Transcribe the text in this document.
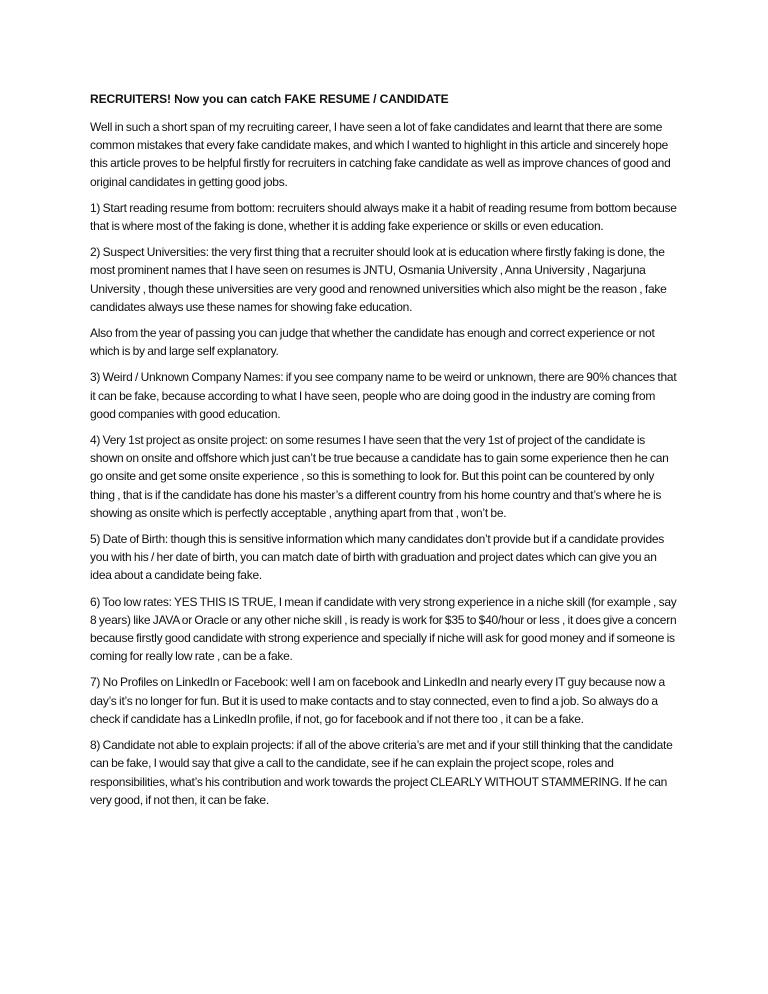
RECRUITERS! Now you can catch FAKE RESUME / CANDIDATE

Well in such a short span of my recruiting career, I have seen a lot of fake candidates and learnt that there are some common mistakes that every fake candidate makes, and which I wanted to highlight in this article and sincerely hope this article proves to be helpful firstly for recruiters in catching fake candidate as well as improve chances of good and original candidates in getting good jobs.

1) Start reading resume from bottom: recruiters should always make it a habit of reading resume from bottom because that is where most of the faking is done, whether it is adding fake experience or skills or even education.

2) Suspect Universities: the very first thing that a recruiter should look at is education where firstly faking is done, the most prominent names that I have seen on resumes is JNTU, Osmania University , Anna University , Nagarjuna University , though these universities are very good and renowned universities which also might be the reason , fake candidates always use these names for showing fake education.

Also from the year of passing you can judge that whether the candidate has enough and correct experience or not which is by and large self explanatory.

3) Weird / Unknown Company Names: if you see company name to be weird or unknown, there are 90% chances that it can be fake, because according to what I have seen, people who are doing good in the industry are coming from good companies with good education.

4) Very 1st project as onsite project: on some resumes I have seen that the very 1st of project of the candidate is shown on onsite and offshore which just can’t be true because a candidate has to gain some experience then he can go onsite and get some onsite experience , so this is something to look for. But this point can be countered by only thing , that is if the candidate has done his master’s a different country from his home country and that’s where he is showing as onsite which is perfectly acceptable , anything apart from that , won’t be.

5) Date of Birth: though this is sensitive information which many candidates don’t provide but if a candidate provides you with his / her date of birth, you can match date of birth with graduation and project dates which can give you an idea about a candidate being fake.

6) Too low rates: YES THIS IS TRUE, I mean if candidate with very strong experience in a niche skill (for example , say 8 years) like JAVA or Oracle or any other niche skill , is ready is work for $35 to $40/hour or less , it does give a concern because firstly good candidate with strong experience and specially if niche will ask for good money and if someone is coming for really low rate , can be a fake.

7) No Profiles on LinkedIn or Facebook: well I am on facebook and LinkedIn and nearly every IT guy because now a day’s it’s no longer for fun. But it is used to make contacts and to stay connected, even to find a job. So always do a check if candidate has a LinkedIn profile, if not, go for facebook and if not there too , it can be a fake.

8) Candidate not able to explain projects: if all of the above criteria’s are met and if your still thinking that the candidate can be fake, I would say that give a call to the candidate, see if he can explain the project scope, roles and responsibilities, what’s his contribution and work towards the project CLEARLY WITHOUT STAMMERING. If he can very good, if not then, it can be fake.
